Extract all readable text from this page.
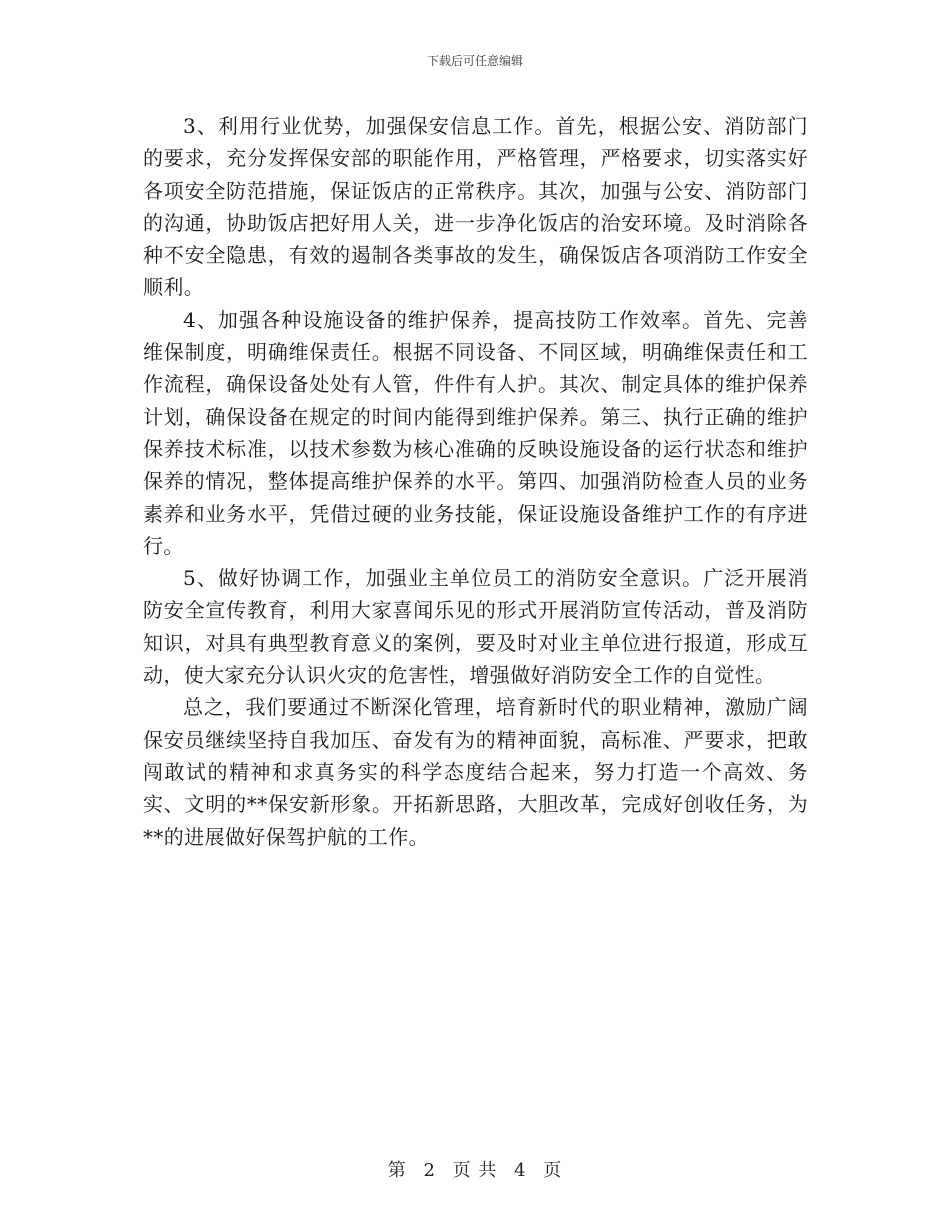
下载后可任意编辑

3、利用行业优势，加强保安信息工作。首先，根据公安、消防部门的要求，充分发挥保安部的职能作用，严格管理，严格要求，切实落实好各项安全防范措施，保证饭店的正常秩序。其次，加强与公安、消防部门的沟通，协助饭店把好用人关，进一步净化饭店的治安环境。及时消除各种不安全隐患，有效的遏制各类事故的发生，确保饭店各项消防工作安全顺利。

4、加强各种设施设备的维护保养，提高技防工作效率。首先、完善维保制度，明确维保责任。根据不同设备、不同区域，明确维保责任和工作流程，确保设备处处有人管，件件有人护。其次、制定具体的维护保养计划，确保设备在规定的时间内能得到维护保养。第三、执行正确的维护保养技术标准，以技术参数为核心准确的反映设施设备的运行状态和维护保养的情况，整体提高维护保养的水平。第四、加强消防检查人员的业务素养和业务水平，凭借过硬的业务技能，保证设施设备维护工作的有序进行。

5、做好协调工作，加强业主单位员工的消防安全意识。广泛开展消防安全宣传教育，利用大家喜闻乐见的形式开展消防宣传活动，普及消防知识，对具有典型教育意义的案例，要及时对业主单位进行报道，形成互动，使大家充分认识火灾的危害性，增强做好消防安全工作的自觉性。

总之，我们要通过不断深化管理，培育新时代的职业精神，激励广阔保安员继续坚持自我加压、奋发有为的精神面貌，高标准、严要求，把敢闯敢试的精神和求真务实的科学态度结合起来，努力打造一个高效、务实、文明的**保安新形象。开拓新思路，大胆改革，完成好创收任务，为**的进展做好保驾护航的工作。

第 2 页 共 4 页
